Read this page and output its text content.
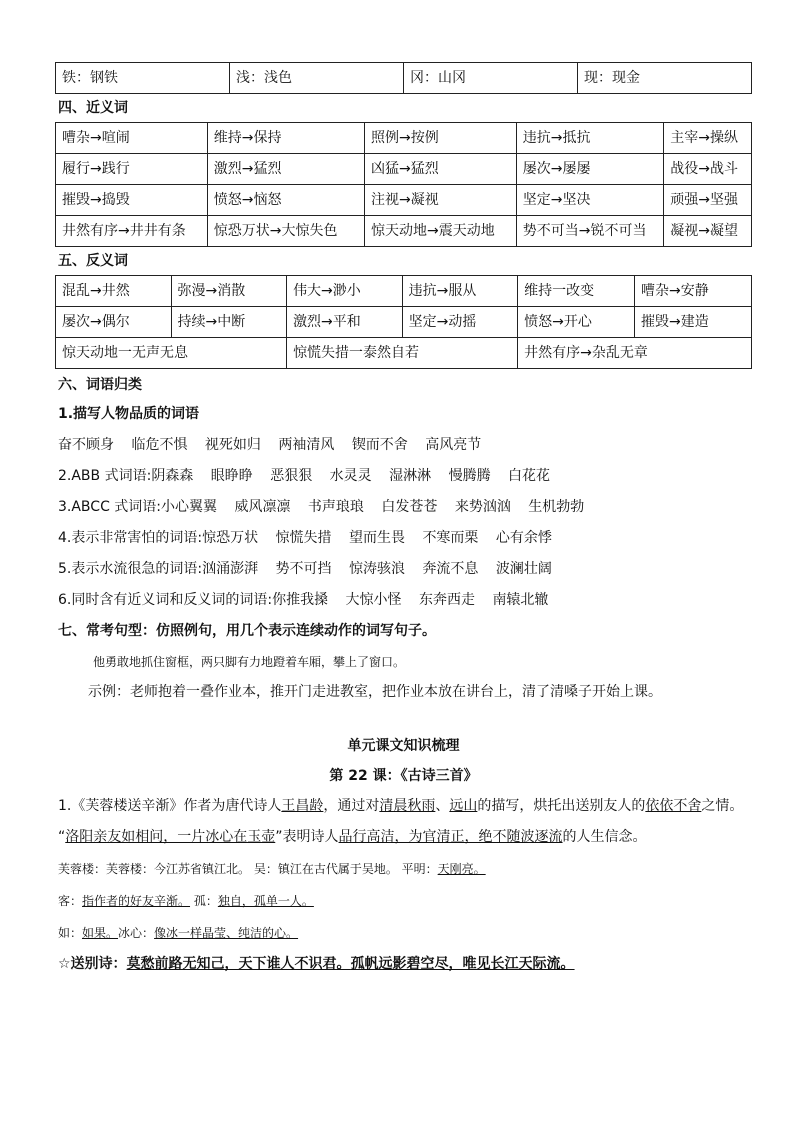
铁：钢铁	浅：浅色	冈：山冈	现：现金
四、近义词
嘈杂→喧闹	维持→保持	照例→按例	违抗→抵抗	主宰→操纵
履行→践行	激烈→猛烈	凶猛→猛烈	屡次→屡屡	战役→战斗
摧毁→捣毁	愤怒→恼怒	注视→凝视	坚定→坚决	顽强→坚强
井然有序→井井有条	惊恐万状→大惊失色	惊天动地→震天动地	势不可当→锐不可当	凝视→凝望
五、反义词
混乱→井然	弥漫→消散	伟大→渺小	违抗→服从	维持一改变	嘈杂→安静
屡次→偶尔	持续→中断	激烈→平和	坚定→动摇	愤怒→开心	摧毁→建造
惊天动地一无声无息		惊慌失措一泰然自若		井然有序→杂乱无章	
六、词语归类
1.描写人物品质的词语
奋不顾身 临危不惧 视死如归 两袖清风 锲而不舍 高风亮节
2.ABB 式词语:阴森森 眼睁睁 恶狠狠 水灵灵 湿淋淋 慢腾腾 白花花
3.ABCC 式词语:小心翼翼 威风凛凛 书声琅琅 白发苍苍 来势汹汹 生机勃勃
4.表示非常害怕的词语:惊恐万状 惊慌失措 望而生畏 不寒而栗 心有余悸
5.表示水流很急的词语:汹涌澎湃 势不可挡 惊涛骇浪 奔流不息 波澜壮阔
6.同时含有近义词和反义词的词语:你推我搡 大惊小怪 东奔西走 南辕北辙
七、常考句型：仿照例句，用几个表示连续动作的词写句子。
他勇敢地抓住窗框，两只脚有力地蹬着车厢，攀上了窗口。
示例：老师抱着一叠作业本，推开门走进教室，把作业本放在讲台上，清了清嗓子开始上课。
单元课文知识梳理
第 22 课：《古诗三首》
1.《芙蓉楼送辛渐》作者为唐代诗人王昌龄，通过对清晨秋雨、远山的描写，烘托出送别友人的依依不舍之情。
“洛阳亲友如相问，一片冰心在玉壶”表明诗人品行高洁，为官清正，绝不随波逐流的人生信念。
芙蓉楼：芙蓉楼：今江苏省镇江北。 吴：镇江在古代属于吴地。 平明：天刚亮。
客：指作者的好友辛渐。 孤：独自，孤单一人。
如：如果。冰心：像冰一样晶莹、纯洁的心。
☆送别诗：莫愁前路无知己，天下谁人不识君。孤帆远影碧空尽，唯见长江天际流。
